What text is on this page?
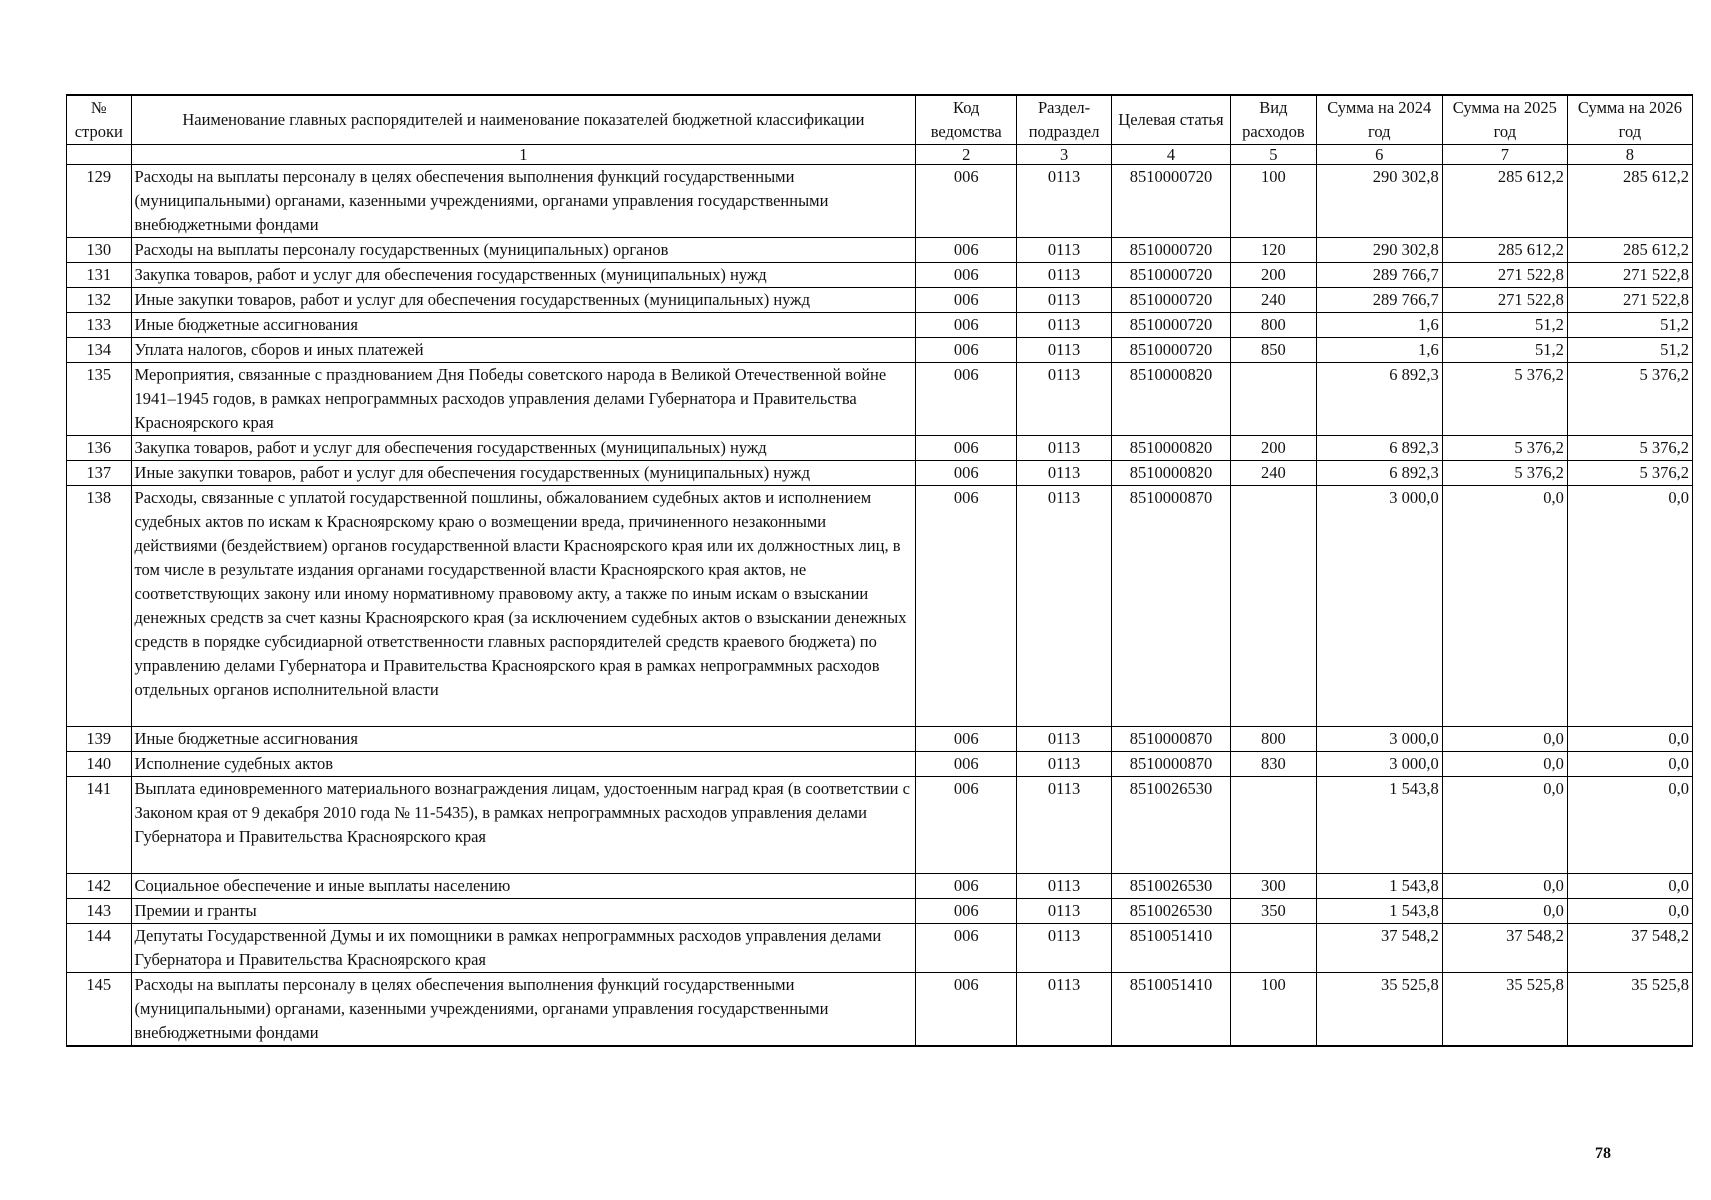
№ строки	Наименование главных распорядителей и наименование показателей бюджетной классификации	Код ведомства	Раздел-подраздел	Целевая статья	Вид расходов	Сумма на 2024 год	Сумма на 2025 год	Сумма на 2026 год
	1	2	3	4	5	6	7	8
129	Расходы на выплаты персоналу в целях обеспечения выполнения функций государственными (муниципальными) органами, казенными учреждениями, органами управления государственными внебюджетными фондами	006	0113	8510000720	100	290 302,8	285 612,2	285 612,2
130	Расходы на выплаты персоналу государственных (муниципальных) органов	006	0113	8510000720	120	290 302,8	285 612,2	285 612,2
131	Закупка товаров, работ и услуг для обеспечения государственных (муниципальных) нужд	006	0113	8510000720	200	289 766,7	271 522,8	271 522,8
132	Иные закупки товаров, работ и услуг для обеспечения государственных (муниципальных) нужд	006	0113	8510000720	240	289 766,7	271 522,8	271 522,8
133	Иные бюджетные ассигнования	006	0113	8510000720	800	1,6	51,2	51,2
134	Уплата налогов, сборов и иных платежей	006	0113	8510000720	850	1,6	51,2	51,2
135	Мероприятия, связанные с празднованием Дня Победы советского народа в Великой Отечественной войне 1941–1945 годов, в рамках непрограммных расходов управления делами Губернатора и Правительства Красноярского края	006	0113	8510000820		6 892,3	5 376,2	5 376,2
136	Закупка товаров, работ и услуг для обеспечения государственных (муниципальных) нужд	006	0113	8510000820	200	6 892,3	5 376,2	5 376,2
137	Иные закупки товаров, работ и услуг для обеспечения государственных (муниципальных) нужд	006	0113	8510000820	240	6 892,3	5 376,2	5 376,2
138	Расходы, связанные с уплатой государственной пошлины, обжалованием судебных актов и исполнением судебных актов по искам к Красноярскому краю о возмещении вреда, причиненного незаконными действиями (бездействием) органов государственной власти Красноярского края или их должностных лиц, в том числе в результате издания органами государственной власти Красноярского края актов, не соответствующих закону или иному нормативному правовому акту, а также по иным искам о взыскании денежных средств за счет казны Красноярского края (за исключением судебных актов о взыскании денежных средств в порядке субсидиарной ответственности главных распорядителей средств краевого бюджета) по управлению делами Губернатора и Правительства Красноярского края в рамках непрограммных расходов отдельных органов исполнительной власти	006	0113	8510000870		3 000,0	0,0	0,0
139	Иные бюджетные ассигнования	006	0113	8510000870	800	3 000,0	0,0	0,0
140	Исполнение судебных актов	006	0113	8510000870	830	3 000,0	0,0	0,0
141	Выплата единовременного материального вознаграждения лицам, удостоенным наград края (в соответствии с Законом края от 9 декабря 2010 года № 11-5435), в рамках непрограммных расходов управления делами Губернатора и Правительства Красноярского края	006	0113	8510026530		1 543,8	0,0	0,0
142	Социальное обеспечение и иные выплаты населению	006	0113	8510026530	300	1 543,8	0,0	0,0
143	Премии и гранты	006	0113	8510026530	350	1 543,8	0,0	0,0
144	Депутаты Государственной Думы и их помощники в рамках непрограммных расходов управления делами Губернатора и Правительства Красноярского края	006	0113	8510051410		37 548,2	37 548,2	37 548,2
145	Расходы на выплаты персоналу в целях обеспечения выполнения функций государственными (муниципальными) органами, казенными учреждениями, органами управления государственными внебюджетными фондами	006	0113	8510051410	100	35 525,8	35 525,8	35 525,8
78
